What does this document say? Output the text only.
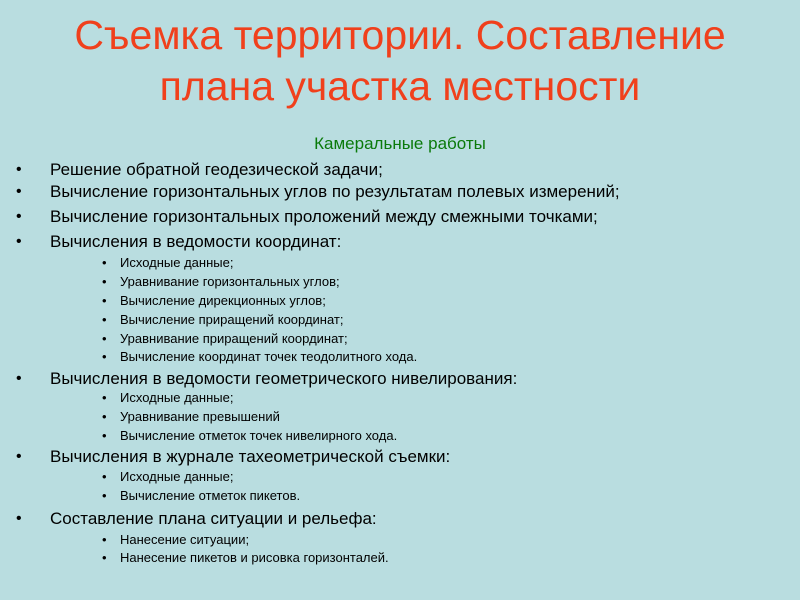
Съемка территории. Составление
плана участка местности
Камеральные работы
• Решение обратной геодезической задачи;
• Вычисление горизонтальных углов по результатам полевых измерений;
• Вычисление горизонтальных проложений между смежными точками;
• Вычисления в ведомости координат:
• Исходные данные;
• Уравнивание горизонтальных углов;
• Вычисление дирекционных углов;
• Вычисление приращений координат;
• Уравнивание приращений координат;
• Вычисление координат точек теодолитного хода.
• Вычисления в ведомости геометрического нивелирования:
• Исходные данные;
• Уравнивание превышений
• Вычисление отметок точек нивелирного хода.
• Вычисления в журнале тахеометрической съемки:
• Исходные данные;
• Вычисление отметок пикетов.
• Составление плана ситуации и рельефа:
• Нанесение ситуации;
• Нанесение пикетов и рисовка горизонталей.
